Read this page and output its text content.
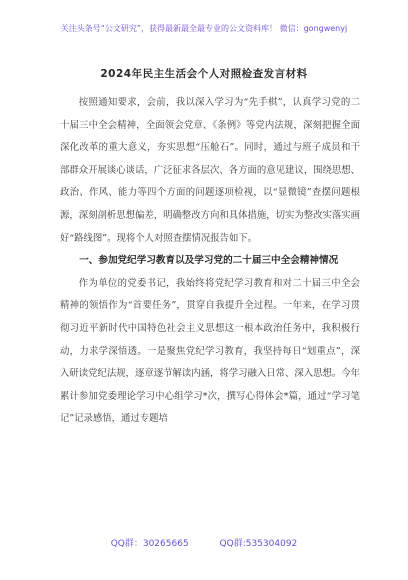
关注头条号“公文研究”，获得最新最全最专业的公文资料库！ 微信：gongwenyj
2024年民主生活会个人对照检查发言材料

按照通知要求，会前，我以深入学习为“先手棋”，认真学习党的二十届三中全会精神，全面领会党章、《条例》等党内法规，深刻把握全面深化改革的重大意义，夯实思想“压舱石”。同时，通过与班子成员和干部群众开展谈心谈话，广泛征求各层次、各方面的意见建议，围绕思想、政治、作风、能力等四个方面的问题逐项检视，以“显微镜”查摆问题根源，深刻剖析思想偏差，明确整改方向和具体措施，切实为整改实落实画好“路线图”。现将个人对照查摆情况报告如下。

一、参加党纪学习教育以及学习党的二十届三中全会精神情况

作为单位的党委书记，我始终将党纪学习教育和对二十届三中全会精神的领悟作为“首要任务”，贯穿自我提升全过程。一年来，在学习贯彻习近平新时代中国特色社会主义思想这一根本政治任务中，我积极行动，力求学深悟透。一是聚焦党纪学习教育，我坚持每日“划重点”，深入研读党纪法规，逐章逐节解读内涵，将学习融入日常、深入思想。今年累计参加党委理论学习中心组学习*次，撰写心得体会*篇，通过“学习笔记”记录感悟，通过专题培

QQ群：30265665	QQ群:535304092
